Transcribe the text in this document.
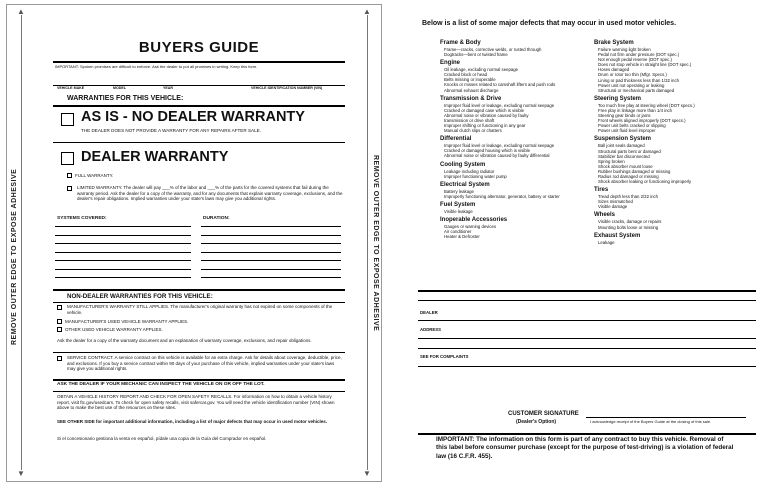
▲
▼
▲
▼
REMOVE OUTER EDGE TO EXPOSE ADHESIVE	REMOVE OUTER EDGE TO EXPOSE ADHESIVE
BUYERS GUIDE
IMPORTANT: Spoken promises are difficult to enforce. Ask the dealer to put all promises in writing. Keep this form.
VEHICLE MAKE	MODEL	YEAR	VEHICLE IDENTIFICATION NUMBER (VIN)
WARRANTIES FOR THIS VEHICLE:
AS IS - NO DEALER WARRANTY
THE DEALER DOES NOT PROVIDE A WARRANTY FOR ANY REPAIRS AFTER SALE.
DEALER WARRANTY
FULL WARRANTY.
LIMITED WARRANTY. The dealer will pay ___% of the labor and ___% of the parts for the covered systems that fail during the warranty period. Ask the dealer for a copy of the warranty, and for any documents that explain warranty coverage, exclusions, and the dealer's repair obligations. Implied warranties under your state's laws may give you additional rights.
SYSTEMS COVERED:	DURATION:
NON-DEALER WARRANTIES FOR THIS VEHICLE:
MANUFACTURER'S WARRANTY STILL APPLIES. The manufacturer's original warranty has not expired on some components of the vehicle.
MANUFACTURER'S USED VEHICLE WARRANTY APPLIES.
OTHER USED VEHICLE WARRANTY APPLIES.
Ask the dealer for a copy of the warranty document and an explanation of warranty coverage, exclusions, and repair obligations.
SERVICE CONTRACT. A service contract on this vehicle is available for an extra charge. Ask for details about coverage, deductible, price, and exclusions. If you buy a service contract within 90 days of your purchase of this vehicle, implied warranties under your state's laws may give you additional rights.
ASK THE DEALER IF YOUR MECHANIC CAN INSPECT THE VEHICLE ON OR OFF THE LOT.
OBTAIN A VEHICLE HISTORY REPORT AND CHECK FOR OPEN SAFETY RECALLS. For information on how to obtain a vehicle history report, visit ftc.gov/usedcars. To check for open safety recalls, visit safercar.gov. You will need the vehicle identification number (VIN) shown above to make the best use of the resources on these sites.
SEE OTHER SIDE for important additional information, including a list of major defects that may occur in used motor vehicles.
Si el concesionario gestiona la venta en español, pídale una copia de la Guía del Comprador en español.
Below is a list of some major defects that may occur in used motor vehicles.
Frame & Body
Frame—cracks, corrective welds, or rusted through
Dogtracks—bent or twisted frame
Engine
Oil leakage, excluding normal seepage
Cracked block or head
Belts missing or inoperable
Knocks or misses related to camshaft lifters and push rods
Abnormal exhaust discharge
Transmission & Drive
Improper fluid level or leakage, excluding normal seepage
Cracked or damaged case which is visible
Abnormal noise or vibration caused by faulty
transmission or drive shaft
Improper shifting or functioning in any gear
Manual clutch slips or chatters
Differential
Improper fluid level or leakage, excluding normal seepage
Cracked or damaged housing which is visible
Abnormal noise or vibration caused by faulty differential
Cooling System
Leakage including radiator
Improper functioning water pump
Electrical System
Battery leakage
Improperly functioning alternator, generator, battery or starter
Fuel System
Visible leakage
Inoperable Accessories
Gauges or warning devices
Air conditioner
Heater & Defroster
Brake System
Failure warning light broken
Pedal not firm under pressure (DOT spec.)
Not enough pedal reserve (DOT spec.)
Does not stop vehicle in straight line (DOT spec.)
Hoses damaged
Drum or rotor too thin (Mfgr. Specs.)
Lining or pad thickness less than 1/32 inch
Power unit not operating or leaking
Structural or mechanical parts damaged
Steering System
Too much free play at steering wheel (DOT specs.)
Free play in linkage more than 1/4 inch
Steering gear binds or jams
Front wheels aligned improperly (DOT specs.)
Power unit belts cracked or slipping
Power unit fluid level improper
Suspension System
Ball joint seals damaged
Structural parts bent or damaged
Stabilizer bar disconnected
Spring broken
Shock absorber mount loose
Rubber bushings damaged or missing
Radius rod damaged or missing
Shock absorber leaking or functioning improperly
Tires
Tread depth less than 2/32 inch
Sizes mismatched
Visible damage
Wheels
Visible cracks, damage or repairs
Mounting bolts loose or missing
Exhaust System
Leakage
DEALER
ADDRESS
SEE FOR COMPLAINTS
CUSTOMER SIGNATURE
(Dealer's Option)	I acknowledge receipt of the Buyers Guide at the closing of this sale.
IMPORTANT: The information on this form is part of any contract to buy this vehicle. Removal of this label before consumer purchase (except for the purpose of test-driving) is a violation of federal law (16 C.F.R. 455).
